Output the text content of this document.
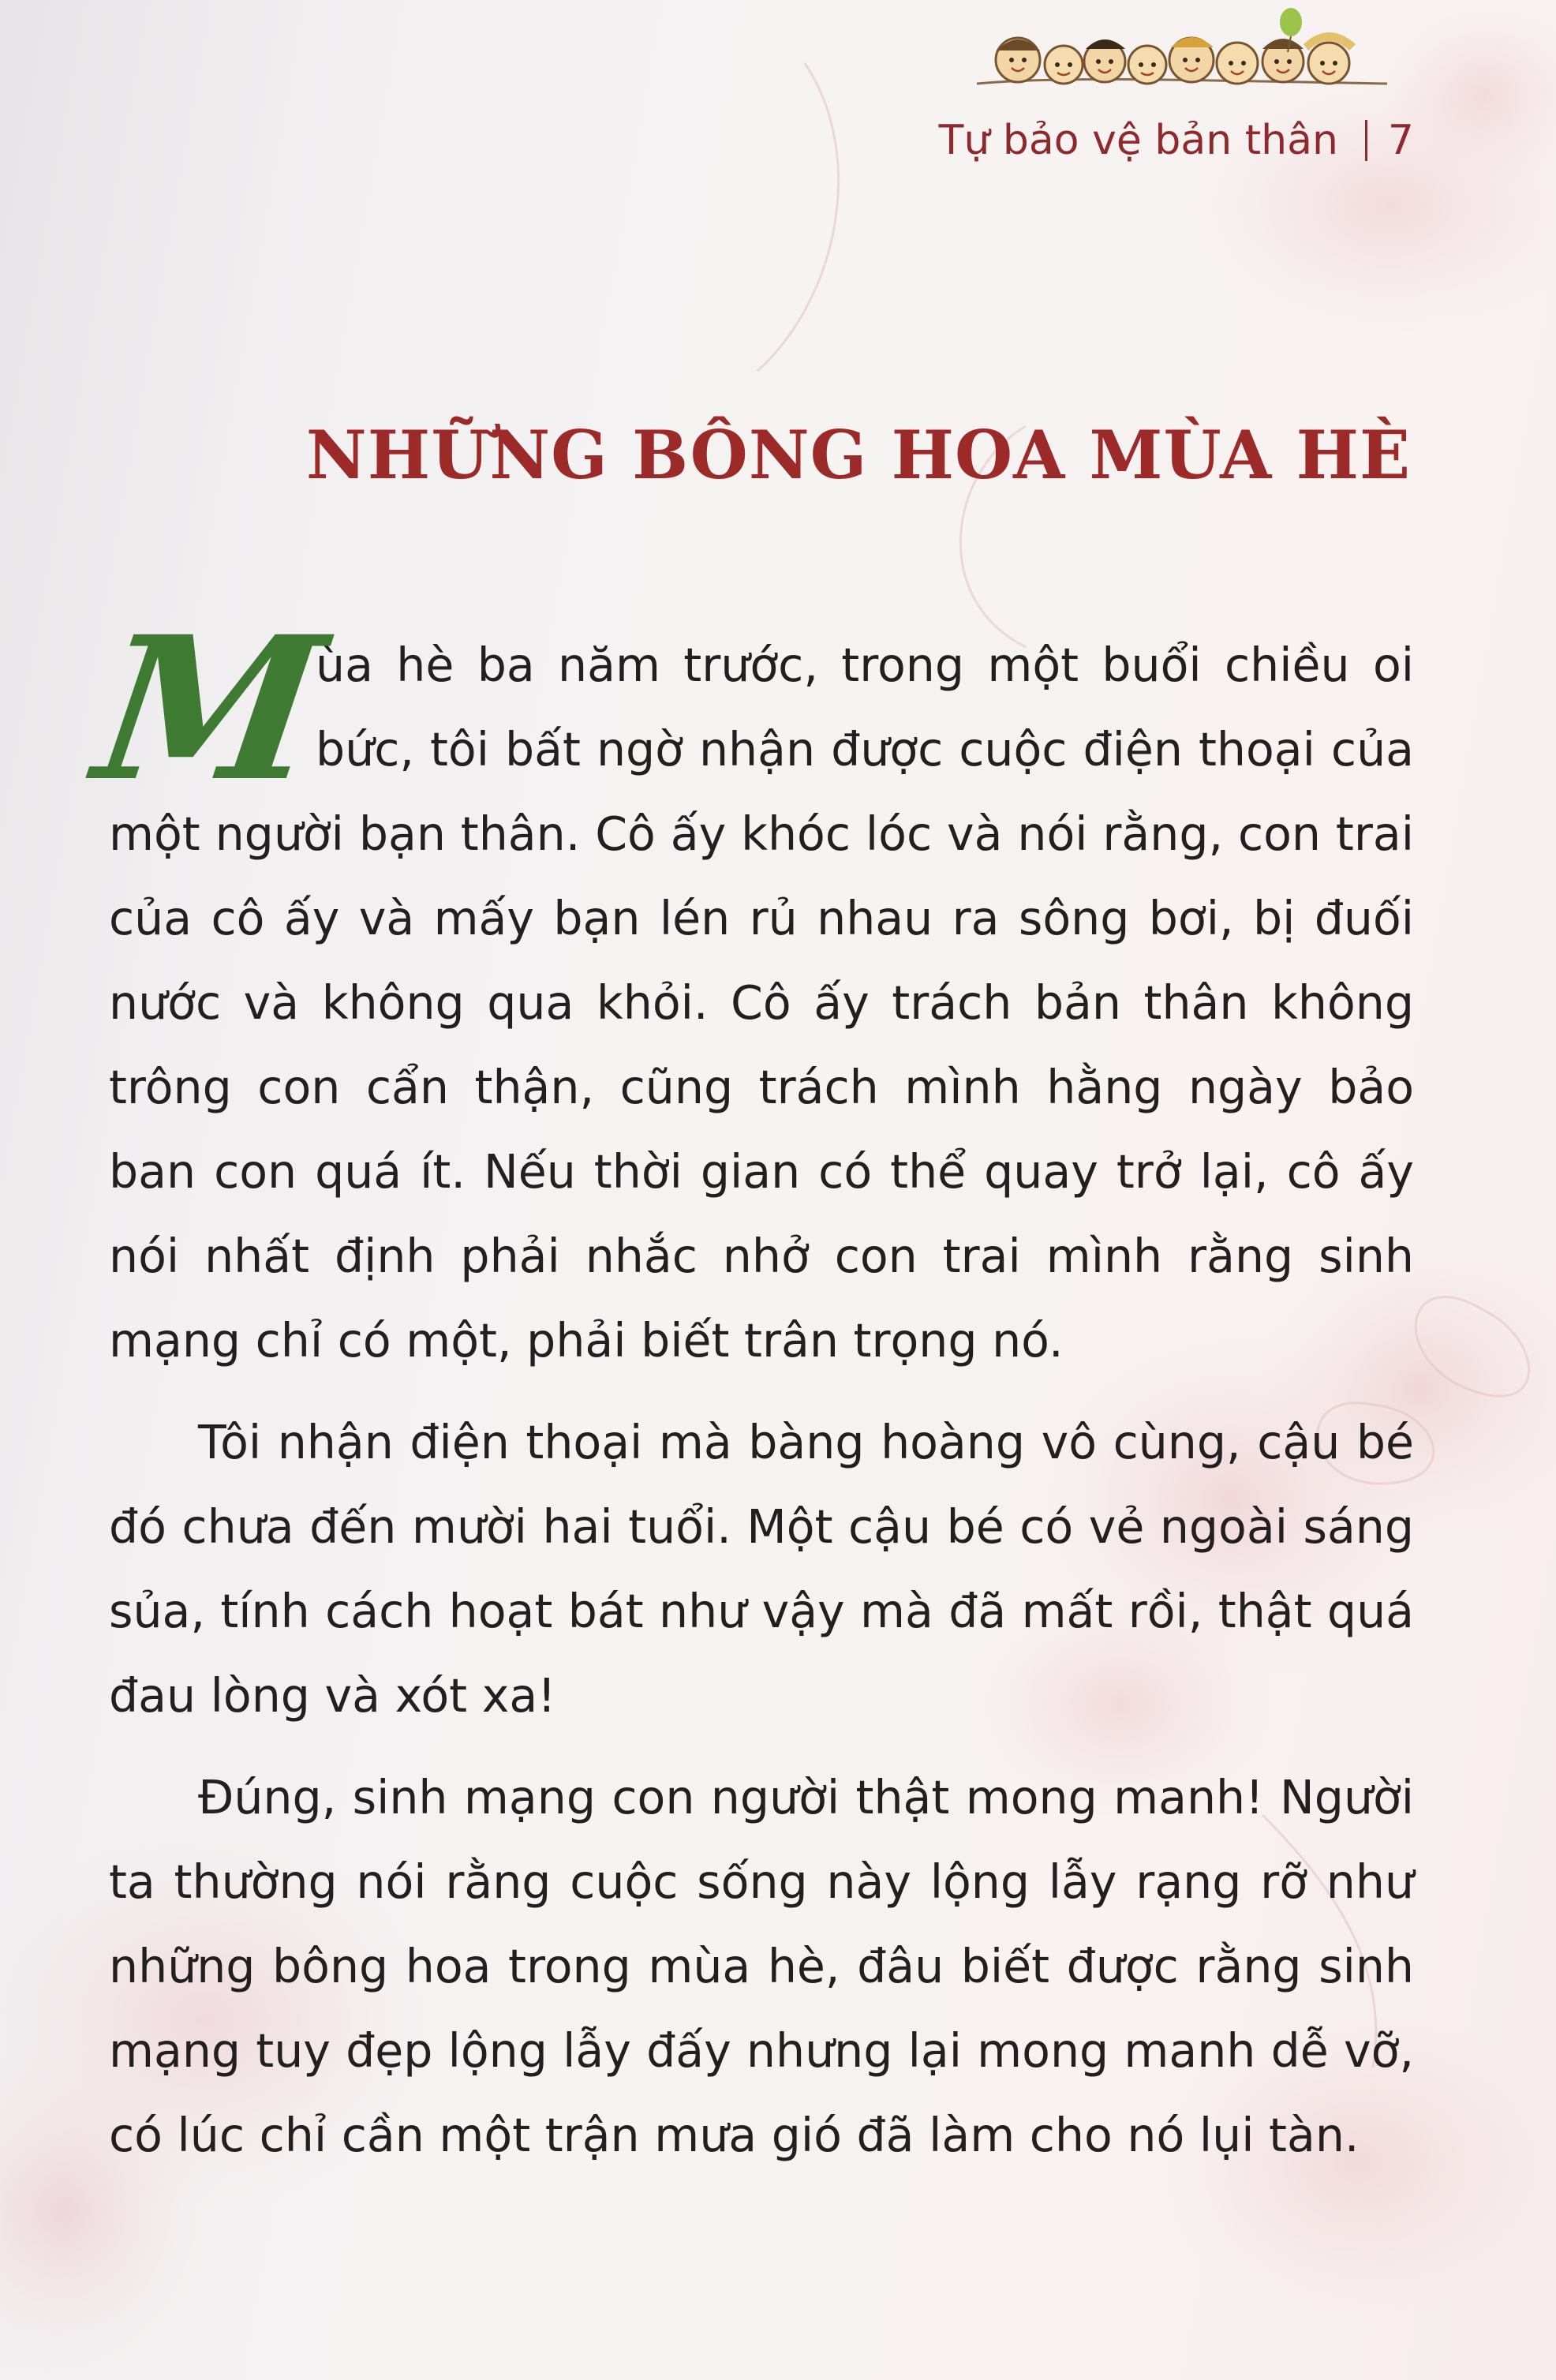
Tự bảo vệ bản thân 7
NHỮNG BÔNG HOA MÙA HÈ

M
ùa hè ba năm trước, trong một buổi chiều oi bức, tôi bất ngờ nhận được cuộc điện thoại của một người bạn thân. Cô ấy khóc lóc và nói rằng, con trai của cô ấy và mấy bạn lén rủ nhau ra sông bơi, bị đuối nước và không qua khỏi. Cô ấy trách bản thân không trông con cẩn thận, cũng trách mình hằng ngày bảo ban con quá ít. Nếu thời gian có thể quay trở lại, cô ấy nói nhất định phải nhắc nhở con trai mình rằng sinh mạng chỉ có một, phải biết trân trọng nó.

Tôi nhận điện thoại mà bàng hoàng vô cùng, cậu bé đó chưa đến mười hai tuổi. Một cậu bé có vẻ ngoài sáng sủa, tính cách hoạt bát như vậy mà đã mất rồi, thật quá đau lòng và xót xa!

Đúng, sinh mạng con người thật mong manh! Người ta thường nói rằng cuộc sống này lộng lẫy rạng rỡ như những bông hoa trong mùa hè, đâu biết được rằng sinh mạng tuy đẹp lộng lẫy đấy nhưng lại mong manh dễ vỡ, có lúc chỉ cần một trận mưa gió đã làm cho nó lụi tàn.
